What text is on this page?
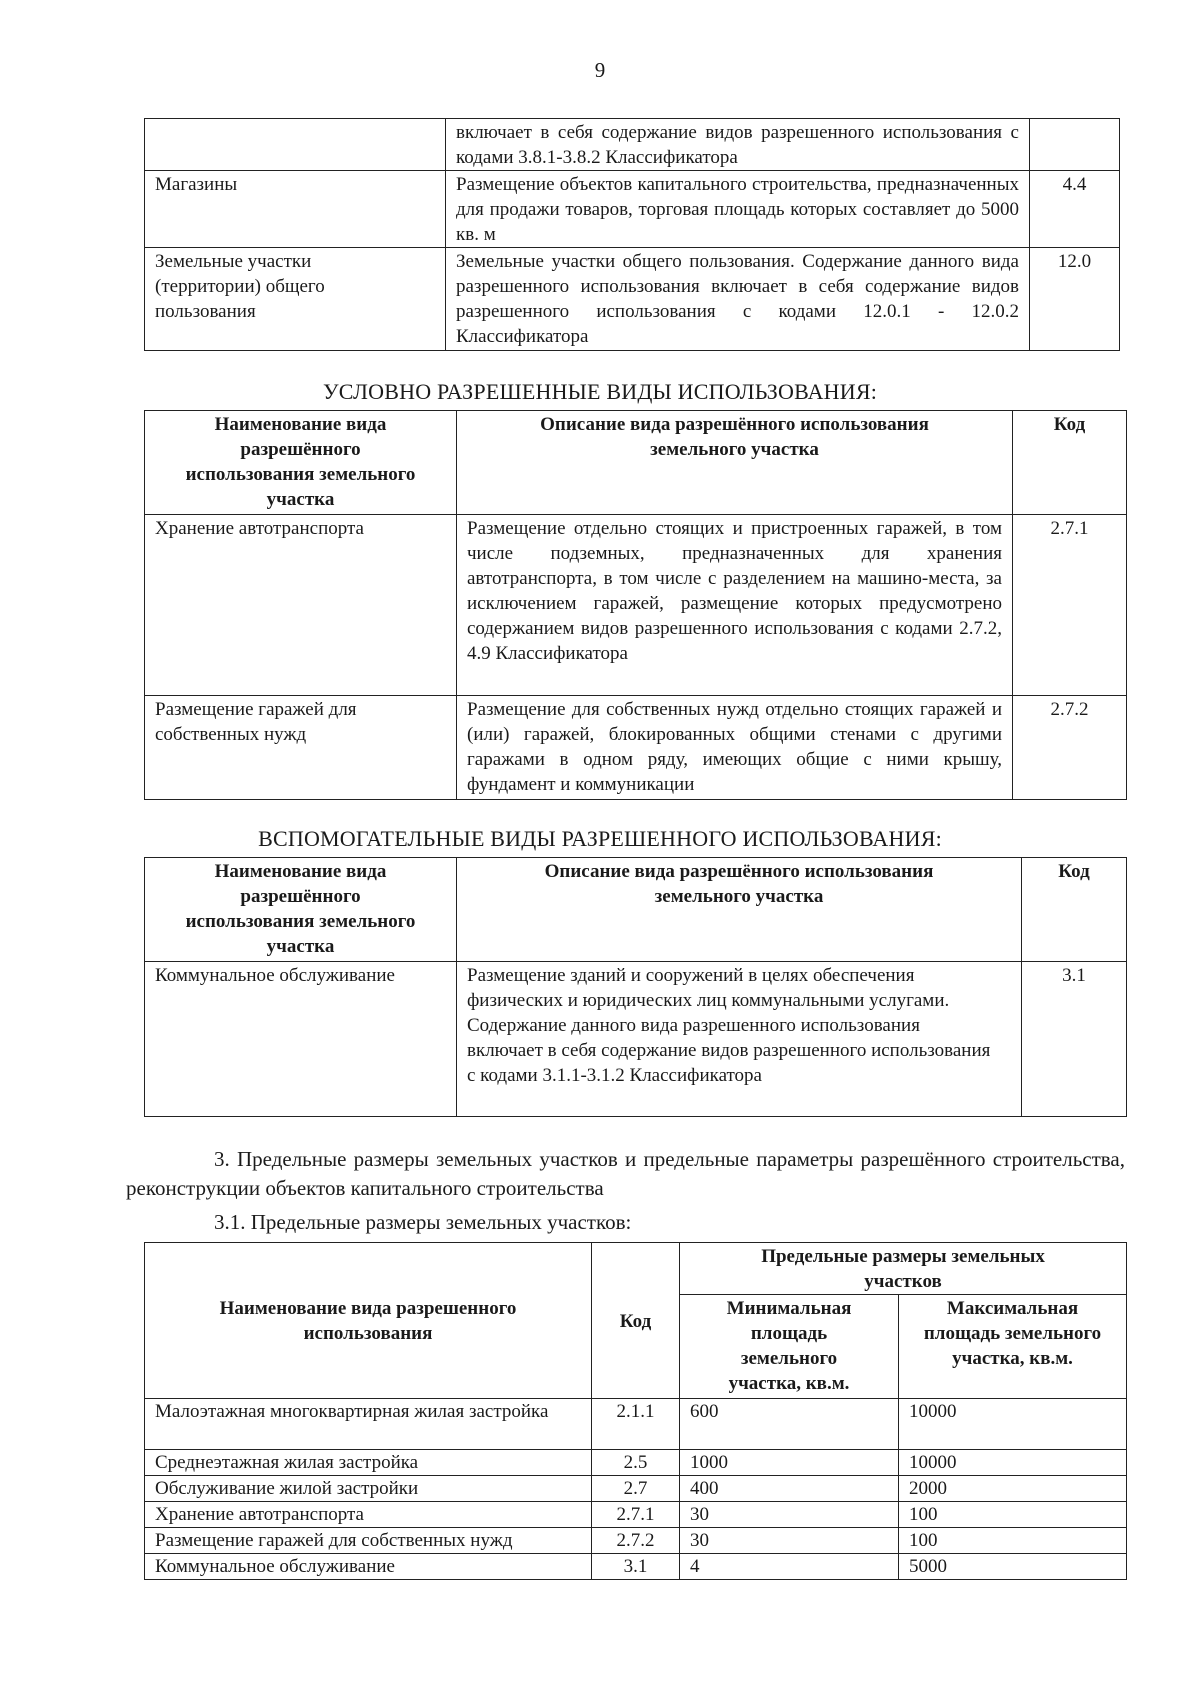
9
	включает в себя содержание видов разрешенного использования с кодами 3.8.1-3.8.2 Классификатора	
Магазины	Размещение объектов капитального строительства, предназначенных для продажи товаров, торговая площадь которых составляет до 5000 кв. м	4.4
Земельные участки (территории) общего пользования	Земельные участки общего пользования. Содержание данного вида разрешенного использования включает в себя содержание видов разрешенного использования с кодами 12.0.1 - 12.0.2 Классификатора	12.0
УСЛОВНО РАЗРЕШЕННЫЕ ВИДЫ ИСПОЛЬЗОВАНИЯ:
Наименование вида разрешённого использования земельного участка	Описание вида разрешённого использования земельного участка	Код
Хранение автотранспорта	Размещение отдельно стоящих и пристроенных гаражей, в том числе подземных, предназначенных для хранения автотранспорта, в том числе с разделением на машино-места, за исключением гаражей, размещение которых предусмотрено содержанием видов разрешенного использования с кодами 2.7.2, 4.9 Классификатора	2.7.1
Размещение гаражей для собственных нужд	Размещение для собственных нужд отдельно стоящих гаражей и (или) гаражей, блокированных общими стенами с другими гаражами в одном ряду, имеющих общие с ними крышу, фундамент и коммуникации	2.7.2
ВСПОМОГАТЕЛЬНЫЕ ВИДЫ РАЗРЕШЕННОГО ИСПОЛЬЗОВАНИЯ:
Наименование вида разрешённого использования земельного участка	Описание вида разрешённого использования земельного участка	Код
Коммунальное обслуживание	Размещение зданий и сооружений в целях обеспечения физических и юридических лиц коммунальными услугами. Содержание данного вида разрешенного использования включает в себя содержание видов разрешенного использования с кодами 3.1.1-3.1.2 Классификатора	3.1
3. Предельные размеры земельных участков и предельные параметры разрешённого строительства, реконструкции объектов капитального строительства
3.1. Предельные размеры земельных участков:
Наименование вида разрешенного использования	Код	Предельные размеры земельных участков	
		Минимальная площадь земельного участка, кв.м.	Максимальная площадь земельного участка, кв.м.
Малоэтажная многоквартирная жилая застройка	2.1.1	600	10000
Среднеэтажная жилая застройка	2.5	1000	10000
Обслуживание жилой застройки	2.7	400	2000
Хранение автотранспорта	2.7.1	30	100
Размещение гаражей для собственных нужд	2.7.2	30	100
Коммунальное обслуживание	3.1	4	5000
